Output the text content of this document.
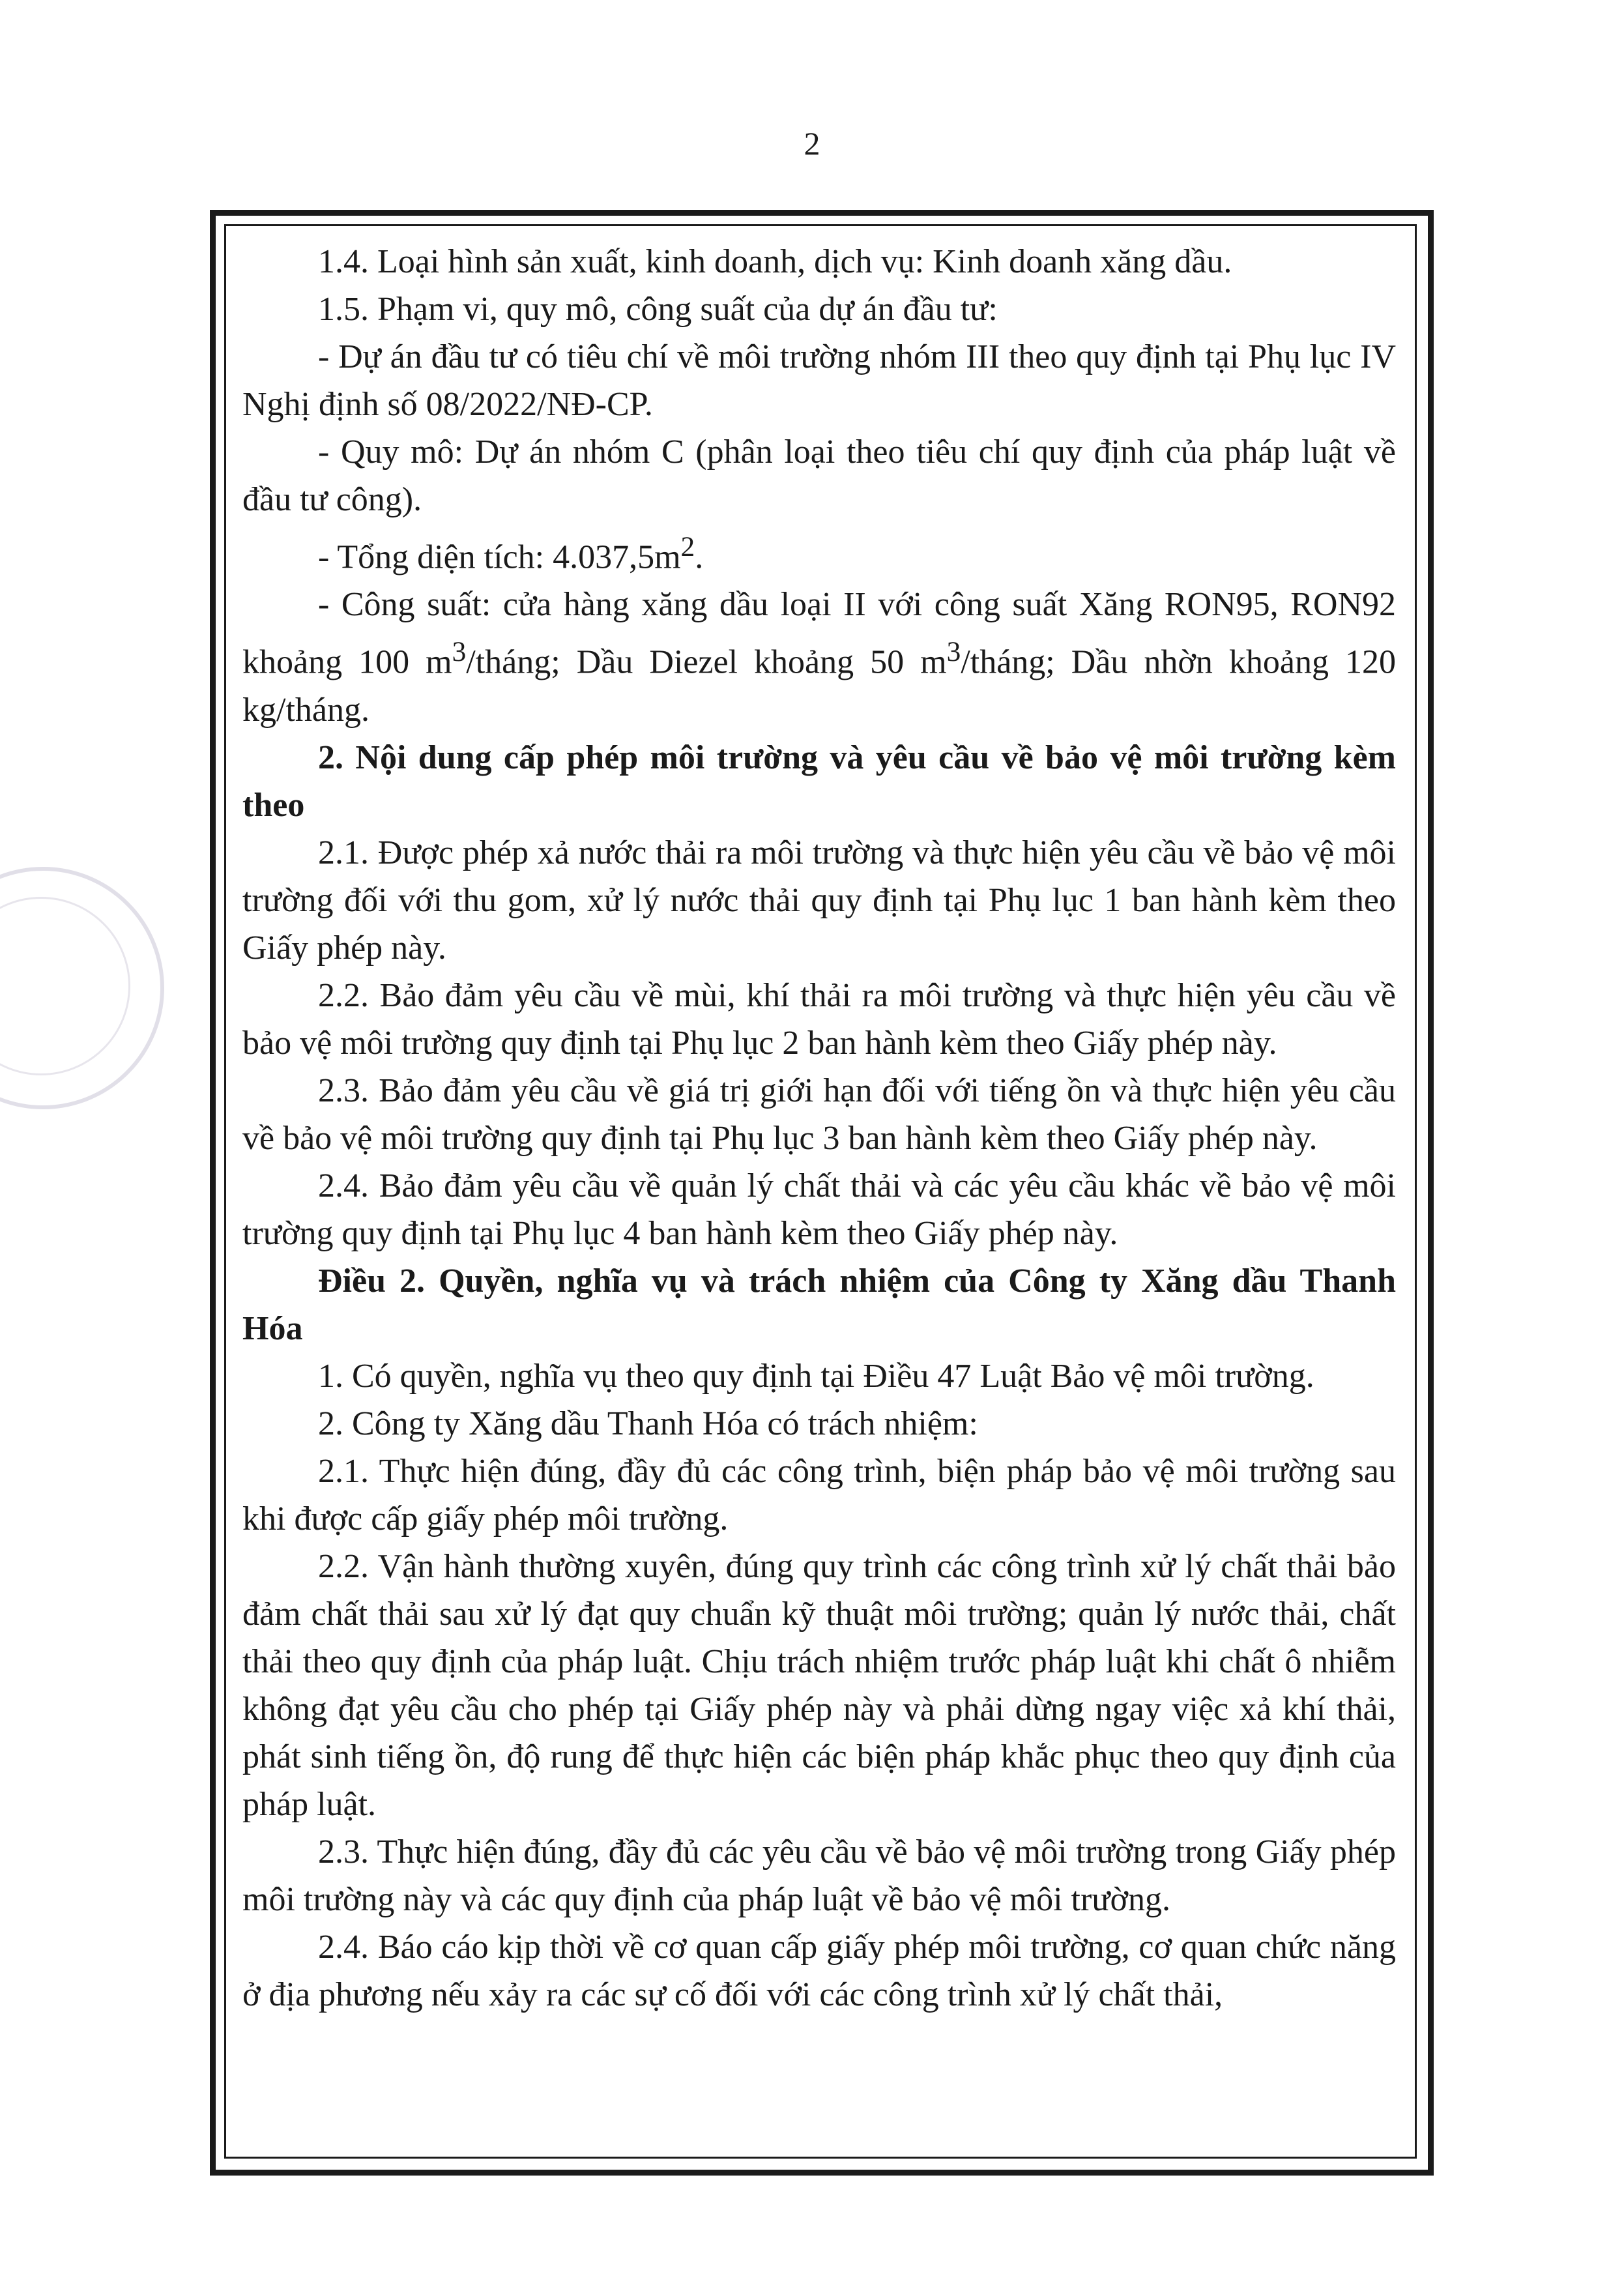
2

1.4. Loại hình sản xuất, kinh doanh, dịch vụ: Kinh doanh xăng dầu.

1.5. Phạm vi, quy mô, công suất của dự án đầu tư:

- Dự án đầu tư có tiêu chí về môi trường nhóm III theo quy định tại Phụ lục IV Nghị định số 08/2022/NĐ-CP.

- Quy mô: Dự án nhóm C (phân loại theo tiêu chí quy định của pháp luật về đầu tư công).

- Tổng diện tích: $4.037,5m^2$.

- Công suất: cửa hàng xăng dầu loại II với công suất Xăng RON95, RON92 khoảng 100 $m^3$/tháng; Dầu Diezel khoảng 50 $m^3$/tháng; Dầu nhờn khoảng 120 kg/tháng.

2. Nội dung cấp phép môi trường và yêu cầu về bảo vệ môi trường kèm theo

2.1. Được phép xả nước thải ra môi trường và thực hiện yêu cầu về bảo vệ môi trường đối với thu gom, xử lý nước thải quy định tại Phụ lục 1 ban hành kèm theo Giấy phép này.

2.2. Bảo đảm yêu cầu về mùi, khí thải ra môi trường và thực hiện yêu cầu về bảo vệ môi trường quy định tại Phụ lục 2 ban hành kèm theo Giấy phép này.

2.3. Bảo đảm yêu cầu về giá trị giới hạn đối với tiếng ồn và thực hiện yêu cầu về bảo vệ môi trường quy định tại Phụ lục 3 ban hành kèm theo Giấy phép này.

2.4. Bảo đảm yêu cầu về quản lý chất thải và các yêu cầu khác về bảo vệ môi trường quy định tại Phụ lục 4 ban hành kèm theo Giấy phép này.

Điều 2. Quyền, nghĩa vụ và trách nhiệm của Công ty Xăng dầu Thanh Hóa

1. Có quyền, nghĩa vụ theo quy định tại Điều 47 Luật Bảo vệ môi trường.

2. Công ty Xăng dầu Thanh Hóa có trách nhiệm:

2.1. Thực hiện đúng, đầy đủ các công trình, biện pháp bảo vệ môi trường sau khi được cấp giấy phép môi trường.

2.2. Vận hành thường xuyên, đúng quy trình các công trình xử lý chất thải bảo đảm chất thải sau xử lý đạt quy chuẩn kỹ thuật môi trường; quản lý nước thải, chất thải theo quy định của pháp luật. Chịu trách nhiệm trước pháp luật khi chất ô nhiễm không đạt yêu cầu cho phép tại Giấy phép này và phải dừng ngay việc xả khí thải, phát sinh tiếng ồn, độ rung để thực hiện các biện pháp khắc phục theo quy định của pháp luật.

2.3. Thực hiện đúng, đầy đủ các yêu cầu về bảo vệ môi trường trong Giấy phép môi trường này và các quy định của pháp luật về bảo vệ môi trường.

2.4. Báo cáo kịp thời về cơ quan cấp giấy phép môi trường, cơ quan chức năng ở địa phương nếu xảy ra các sự cố đối với các công trình xử lý chất thải,
